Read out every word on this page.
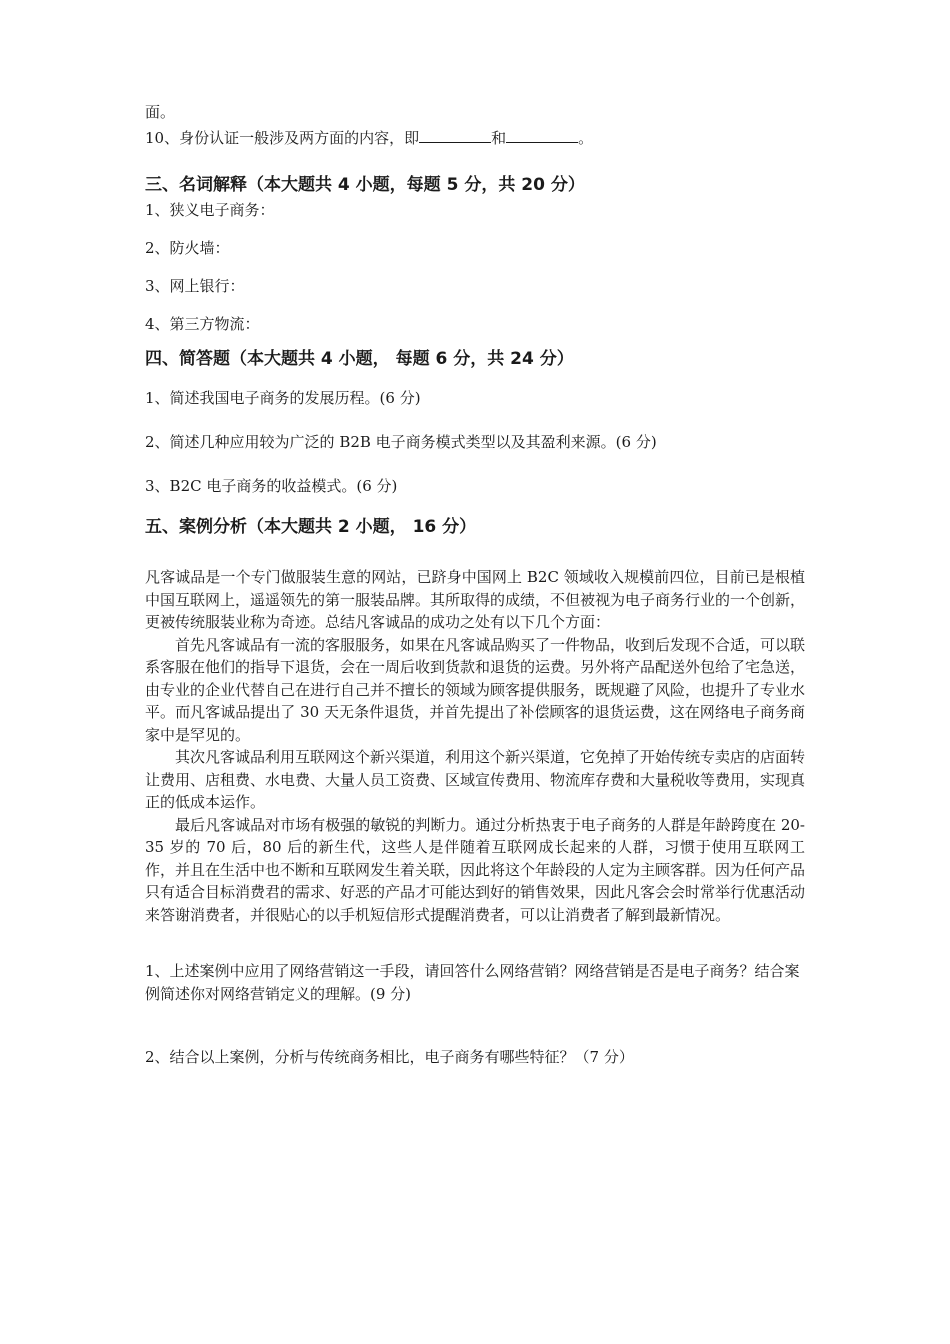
面。
10、身份认证一般涉及两方面的内容，即	和	。
三、名词解释（本大题共 4 小题，每题 5 分，共 20 分）
1、狭义电子商务：
2、防火墙：
3、网上银行：
4、第三方物流：
四、简答题（本大题共 4 小题， 每题 6 分，共 24 分）
1、简述我国电子商务的发展历程。(6 分)
2、简述几种应用较为广泛的 B2B 电子商务模式类型以及其盈利来源。(6 分)
3、B2C 电子商务的收益模式。(6 分)
五、案例分析（本大题共 2 小题， 16 分）

凡客诚品是一个专门做服装生意的网站，已跻身中国网上 B2C 领域收入规模前四位，目前已是根植中国互联网上，遥遥领先的第一服装品牌。其所取得的成绩，不但被视为电子商务行业的一个创新，更被传统服装业称为奇迹。总结凡客诚品的成功之处有以下几个方面：

首先凡客诚品有一流的客服服务，如果在凡客诚品购买了一件物品，收到后发现不合适，可以联系客服在他们的指导下退货，会在一周后收到货款和退货的运费。另外将产品配送外包给了宅急送，由专业的企业代替自己在进行自己并不擅长的领域为顾客提供服务，既规避了风险，也提升了专业水平。而凡客诚品提出了 30 天无条件退货，并首先提出了补偿顾客的退货运费，这在网络电子商务商家中是罕见的。

其次凡客诚品利用互联网这个新兴渠道，利用这个新兴渠道，它免掉了开始传统专卖店的店面转让费用、店租费、水电费、大量人员工资费、区域宣传费用、物流库存费和大量税收等费用，实现真正的低成本运作。

最后凡客诚品对市场有极强的敏锐的判断力。通过分析热衷于电子商务的人群是年龄跨度在 20-35 岁的 70 后，80 后的新生代，这些人是伴随着互联网成长起来的人群，习惯于使用互联网工作，并且在生活中也不断和互联网发生着关联，因此将这个年龄段的人定为主顾客群。因为任何产品只有适合目标消费君的需求、好恶的产品才可能达到好的销售效果，因此凡客会会时常举行优惠活动来答谢消费者，并很贴心的以手机短信形式提醒消费者，可以让消费者了解到最新情况。

1、上述案例中应用了网络营销这一手段，请回答什么网络营销？网络营销是否是电子商务？结合案例简述你对网络营销定义的理解。(9 分)
2、结合以上案例，分析与传统商务相比，电子商务有哪些特征？（7 分）
